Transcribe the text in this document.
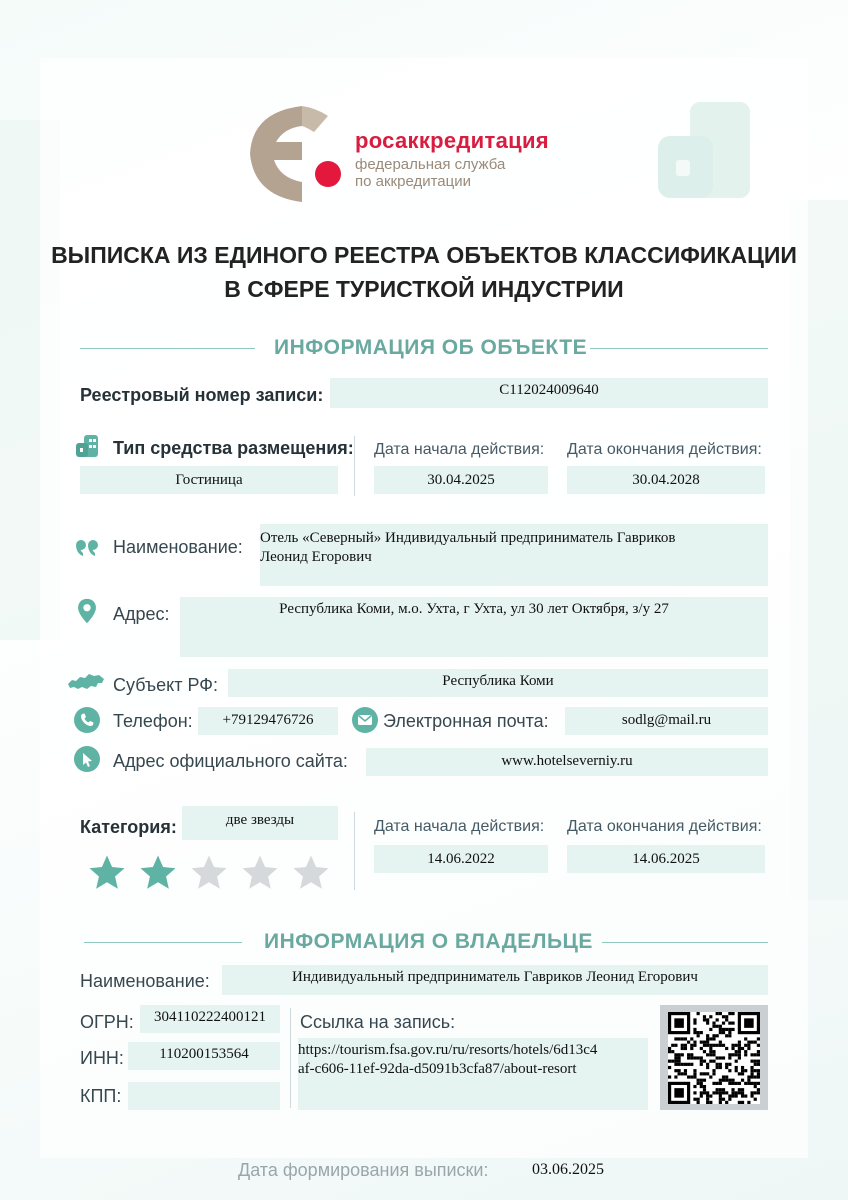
росаккредитация
федеральная служба
по аккредитации
ВЫПИСКА ИЗ ЕДИНОГО РЕЕСТРА ОБЪЕКТОВ КЛАССИФИКАЦИИ
В СФЕРЕ ТУРИСТКОЙ ИНДУСТРИИ
ИНФОРМАЦИЯ ОБ ОБЪЕКТЕ
Реестровый номер записи:	С112024009640
Тип средства размещения:
Гостиница
Дата начала действия:
30.04.2025
Дата окончания действия:
30.04.2028
Наименование: Отель «Северный» Индивидуальный предприниматель Гавриков
Леонид Егорович
Адрес:	Республика Коми, м.о. Ухта, г Ухта, ул 30 лет Октября, з/у 27
Субъект РФ:	Республика Коми
Телефон:	+79129476726	Электронная почта:	sodlg@mail.ru
Адрес официального сайта:	www.hotelseverniy.ru
Категория:	две звезды	Дата начала действия:
14.06.2022
Дата окончания действия:
14.06.2025
ИНФОРМАЦИЯ О ВЛАДЕЛЬЦЕ
Наименование:	Индивидуальный предприниматель Гавриков Леонид Егорович
ОГРН:	304110222400121
ИНН:	110200153564
КПП:
Ссылка на запись:
https://tourism.fsa.gov.ru/ru/resorts/hotels/6d13c4
af-c606-11ef-92da-d5091b3cfa87/about-resort
Дата формирования выписки:	03.06.2025
